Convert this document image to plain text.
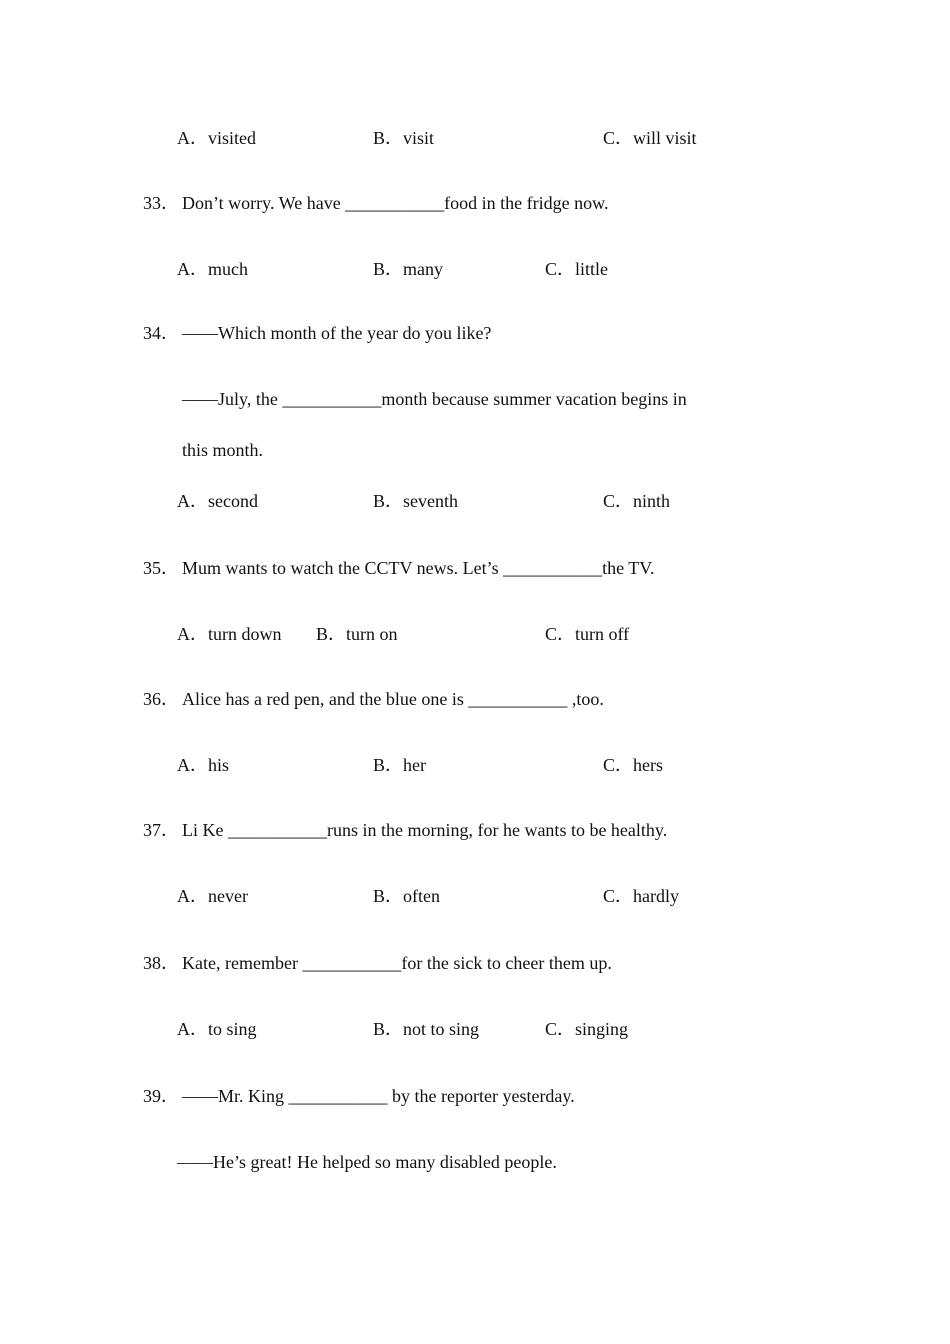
A．visited	B．visit	C．will visit
33． Don’t worry. We have ___________food in the fridge now.
A．much	B．many	C．little
34． ——Which month of the year do you like?
——July, the ___________month because summer vacation begins in
this month.
A．second	B．seventh	C．ninth
35． Mum wants to watch the CCTV news. Let’s ___________the TV.
A．turn down B．turn on	C．turn off
36． Alice has a red pen, and the blue one is ___________ ,too.
A．his	B．her	C．hers
37． Li Ke ___________runs in the morning, for he wants to be healthy.
A．never	B．often	C．hardly
38． Kate, remember ___________for the sick to cheer them up.
A．to sing	B．not to sing	C．singing
39． ——Mr. King ___________ by the reporter yesterday.
——He’s great! He helped so many disabled people.
